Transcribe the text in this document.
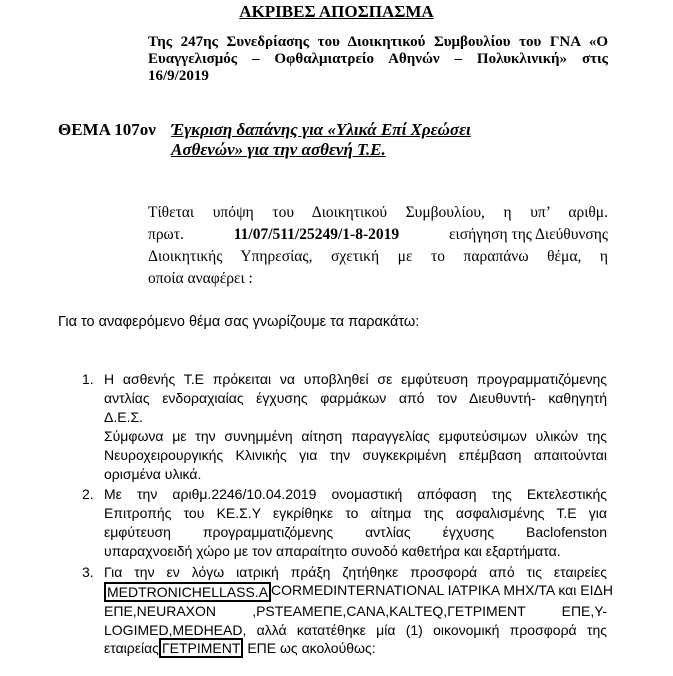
ΑΚΡΙΒΕΣ ΑΠΟΣΠΑΣΜΑ
Της 247ης Συνεδρίασης του Διοικητικού Συμβουλίου του ΓΝΑ «Ο
Ευαγγελισμός – Οφθαλμιατρείο Αθηνών – Πολυκλινική» στις
16/9/2019
ΘΕΜΑ 107ον Έγκριση δαπάνης για «Υλικά Επί Χρεώσει
Ασθενών» για την ασθενή Τ.Ε.
Τίθεται υπόψη του Διοικητικού Συμβουλίου, η υπ’ αριθμ.
πρωτ.	11/07/511/25249/1-8-2019	εισήγηση της Διεύθυνσης
Διοικητικής Υπηρεσίας, σχετική με το παραπάνω θέμα, η
οποία αναφέρει :
Για το αναφερόμενο θέμα σας γνωρίζουμε τα παρακάτω:
1. Η ασθενής Τ.Ε πρόκειται να υποβληθεί σε εμφύτευση προγραμματιζόμενης
αντλίας ενδοραχιαίας έγχυσης φαρμάκων από τον Διευθυντή- καθηγητή
Δ.Ε.Σ.
Σύμφωνα με την συνημμένη αίτηση παραγγελίας εμφυτεύσιμων υλικών της
Νευροχειρουργικής Κλινικής για την συγκεκριμένη επέμβαση απαιτούνται
ορισμένα υλικά.
2. Με την αριθμ.2246/10.04.2019 ονομαστική απόφαση της Εκτελεστικής
Επιτροπής του ΚΕ.Σ.Υ εγκρίθηκε το αίτημα της ασφαλισμένης Τ.Ε για
εμφύτευση προγραμματιζόμενης αντλίας έγχυσης Baclofenston
υπαραχνοειδή χώρο με τον απαραίτητο συνοδό καθετήρα και εξαρτήματα.
3. Για την εν λόγω ιατρική πράξη ζητήθηκε προσφορά από τις εταιρείες
MEDTRONICHELLASS.A CORMEDINTERNATIONAL ΙΑΤΡΙΚΑ ΜΗΧ/ΤΑ και ΕΙΔΗ
ΕΠΕ,NEURAXON ,PSTEAMEΠΕ,CANA,KALTEQ,ΓΕΤΡΙΜΕΝΤ ΕΠΕ,Y-
LOGIMED,MEDHEAD, αλλά κατατέθηκε μία (1) οικονομική προσφορά της
εταιρείας ΓΕΤΡΙΜΕΝΤ ΕΠΕ ως ακολούθως:
